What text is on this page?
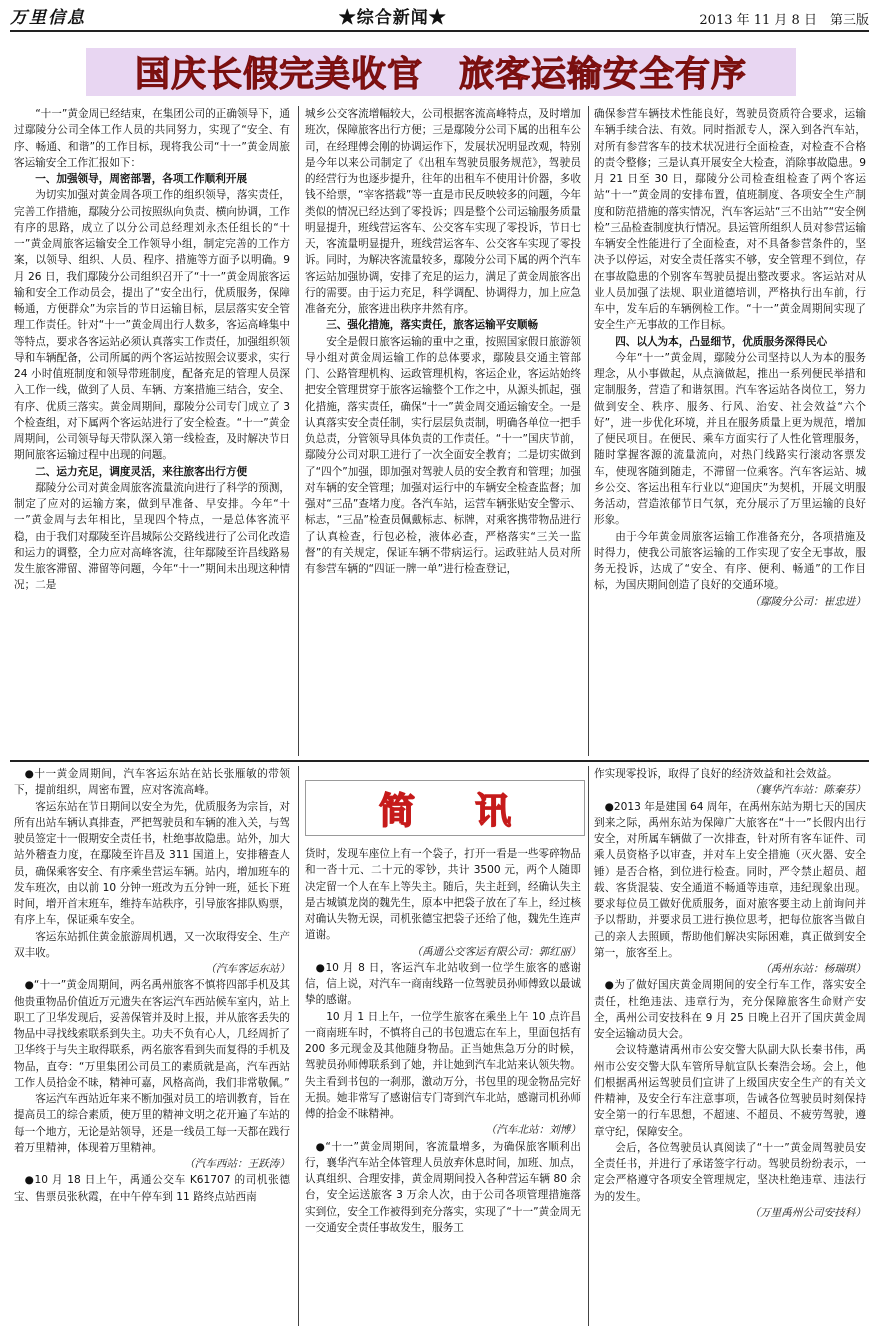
万里信息	★综合新闻★	2013 年 11 月 8 日　 第三版
国庆长假完美收官　旅客运输安全有序

“十一”黄金周已经结束，在集团公司的正确领导下，通过鄢陵分公司全体工作人员的共同努力，实现了“安全、有序、畅通、和谐”的工作目标，现将我公司“十一”黄金周旅客运输安全工作汇报如下：

一、加强领导，周密部署，各项工作顺利开展

为切实加强对黄金周各项工作的组织领导，落实责任，完善工作措施，鄢陵分公司按照纵向负责、横向协调，工作有序的思路，成立了以分公司总经理刘永杰任组长的“十一”黄金周旅客运输安全工作领导小组，制定完善的工作方案，以领导、组织、人员、程序、措施等方面予以明确。9 月 26 日，我们鄢陵分公司组织召开了“十一”黄金周旅客运输和安全工作动员会，提出了“安全出行，优质服务，保障畅通，方便群众”为宗旨的节日运输目标，层层落实安全管理工作责任。针对“十一”黄金周出行人数多，客运高峰集中等特点，要求各客运站必须认真落实工作责任，加强组织领导和车辆配备，公司所属的两个客运站按照会议要求，实行 24 小时值班制度和领导带班制度，配备充足的管理人员深入工作一线，做到了人员、车辆、方案措施三结合，安全、有序、优质三落实。黄金周期间，鄢陵分公司专门成立了 3 个检查组，对下属两个客运站进行了安全检查。“十一”黄金周期间，公司领导每天带队深入第一线检查，及时解决节日期间旅客运输过程中出现的问题。

二、运力充足，调度灵活，来往旅客出行方便

鄢陵分公司对黄金周旅客流量流向进行了科学的预测，制定了应对的运输方案，做到早准备、早安排。今年“十一”黄金周与去年相比，呈现四个特点，一是总体客流平稳，由于我们对鄢陵至许昌城际公交路线进行了公司化改造和运力的调整，全力应对高峰客流，往年鄢陵至许昌线路易发生旅客滞留、滞留等问题，今年“十一”期间未出现这种情况；二是

城乡公交客流增幅较大，公司根据客流高峰特点，及时增加班次，保障旅客出行方便；三是鄢陵分公司下属的出租车公司，在经理傅会刚的协调运作下，发展状况明显改观，特别是今年以来公司制定了《出租车驾驶员服务规范》，驾驶员的经营行为也逐步提升，往年的出租车不使用计价器，多收钱不给票，“宰客搭载”等一直是市民反映较多的问题，今年类似的情况已经达到了零投诉；四是整个公司运输服务质量明显提升，班线营运客车、公交客车实现了零投诉，节日七天，客流量明显提升，班线营运客车、公交客车实现了零投诉。同时，为解决客流量较多，鄢陵分公司下属的两个汽车客运站加强协调，安排了充足的运力，满足了黄金周旅客出行的需要。由于运力充足，科学调配、协调得力，加上应急准备充分，旅客进出秩序井然有序。

三、强化措施，落实责任，旅客运输平安顺畅

安全是假日旅客运输的重中之重，按照国家假日旅游领导小组对黄金周运输工作的总体要求，鄢陵县交通主管部门、公路管理机构、运政管理机构，客运企业，客运站始终把安全管理贯穿于旅客运输整个工作之中，从源头抓起，强化措施，落实责任，确保“十一”黄金周交通运输安全。一是认真落实安全责任制，实行层层负责制，明确各单位一把手负总责，分管领导具体负责的工作责任。“十一”国庆节前，鄢陵分公司对职工进行了一次全面安全教育；二是切实做到了“四个”加强，即加强对驾驶人员的安全教育和管理；加强对车辆的安全管理；加强对运行中的车辆安全检查监督；加强对“三品”查堵力度。各汽车站，运营车辆张贴安全警示、标志，“三品”检查员佩戴标志、标牌，对乘客携带物品进行了认真检查，行包必检，液体必查，严格落实“三关一监督”的有关规定，保证车辆不带病运行。运政驻站人员对所有参营车辆的“四证一牌一单”进行检查登记，

确保参营车辆技术性能良好，驾驶员资质符合要求，运输车辆手续合法、有效。同时指派专人，深入到各汽车站，对所有参营客车的技术状况进行全面检查，对检查不合格的责令整修；三是认真开展安全大检查，消除事故隐患。9 月 21 日至 30 日，鄢陵分公司检查组检查了两个客运站“十一”黄金周的安排布置，值班制度、各项安全生产制度和防范措施的落实情况，汽车客运站“三不出站”“安全例检”三品检查制度执行情况。县运管所组织人员对参营运输车辆安全性能进行了全面检查，对不具备参营条件的，坚决予以停运，对安全责任落实不够，安全管理不到位，存在事故隐患的个别客车驾驶员提出整改要求。客运站对从业人员加强了法规、职业道德培训，严格执行出车前，行车中，发车后的车辆例检工作。“十一”黄金周期间实现了安全生产无事故的工作目标。

四、以人为本，凸显细节，优质服务深得民心

今年“十一”黄金周，鄢陵分公司坚持以人为本的服务理念，从小事做起，从点滴做起，推出一系列便民举措和定制服务，营造了和谐氛围。汽车客运站各岗位工，努力做到安全、秩序、服务、行风、治安、社会效益“六个好”，进一步优化环境，并且在服务质量上更为规范，增加了便民项目。在便民、乘车方面实行了人性化管理服务，随时掌握客源的流量流向，对热门线路实行滚动客票发车，使现客随到随走，不滞留一位乘客。汽车客运站、城乡公交、客运出租车行业以“迎国庆”为契机，开展文明服务活动，营造浓郁节日气氛，充分展示了万里运输的良好形象。

由于今年黄金周旅客运输工作准备充分，各项措施及时得力，使我公司旅客运输的工作实现了安全无事故，服务无投诉，达成了“安全、有序、便利、畅通”的工作目标，为国庆期间创造了良好的交通环境。

（鄢陵分公司：崔忠进）

●十一黄金周期间，汽车客运东站在站长张雁敏的带领下，提前组织，周密布置，应对客流高峰。

客运东站在节日期间以安全为先，优质服务为宗旨，对所有出站车辆认真排查，严把驾驶员和车辆的准入关，与驾驶员签定十一假期安全责任书，杜绝事故隐患。站外，加大站外稽查力度，在鄢陵至许昌及 311 国道上，安排稽查人员，确保乘客安全、有序乘坐营运车辆。站内，增加班车的发车班次，由以前 10 分钟一班改为五分钟一班，延长下班时间，增开首末班车，维持车站秩序，引导旅客排队购票，有序上车，保证乘车安全。

客运东站抓住黄金旅游周机遇，又一次取得安全、生产双丰收。

（汽车客运东站）

●“十一”黄金周期间，两名禹州旅客不慎将四部手机及其他贵重物品价值近万元遗失在客运汽车西站候车室内，站上职工了卫华发现后，妥善保管并及时上报，并从旅客丢失的物品中寻找线索联系到失主。功夫不负有心人，几经周折了卫华终于与失主取得联系，两名旅客看到失而复得的手机及物品，直夸：“万里集团公司员工的素质就是高，汽车西站工作人员拾金不昧，精神可嘉，风格高尚，我们非常敬佩。”

客运汽车西站近年来不断加强对员工的培训教育，旨在提高员工的综合素质，使万里的精神文明之花开遍了车站的每一个地方，无论是站领导，还是一线员工每一天都在践行着万里精神，体现着万里精神。

（汽车西站：王跃涛）

●10 月 18 日上午，禹通公交车 K61707 的司机张德宝、售票员张秋霞，在中午停车到 11 路终点站西南

简 讯

货时，发现车座位上有一个袋子，打开一看是一些零碎物品和一沓十元、二十元的零钞，共计 3500 元，两个人随即决定留一个人在车上等失主。随后，失主赶到，经确认失主是古城镇龙岗的魏先生，原本中把袋子放在了车上，经过核对确认失物无误，司机张德宝把袋子还给了他，魏先生连声道谢。

（禹通公交客运有限公司：郭红丽）

●10 月 8 日，客运汽车北站收到一位学生旅客的感谢信，信上说，对汽车一商南线路一位驾驶员孙师傅致以最诚挚的感谢。

10 月 1 日上午，一位学生旅客在乘坐上午 10 点许昌一商南班车时，不慎将自己的书包遗忘在车上，里面包括有 200 多元现金及其他随身物品。正当她焦急万分的时候，驾驶员孙师傅联系到了她，并让她到汽车北站来认领失物。失主看到书包的一刹那，激动万分，书包里的现金物品完好无损。她非常写了感谢信专门寄到汽车北站，感谢司机孙师傅的拾金不昧精神。

（汽车北站：刘博）

●“十一”黄金周期间，客流量增多，为确保旅客顺利出行，襄华汽车站全体管理人员放弃休息时间，加班、加点，认真组织、合理安排，黄金周期间投入各种营运车辆 80 余台，安全运送旅客 3 万余人次，由于公司各项管理措施落实到位，安全工作被得到充分落实，实现了“十一”黄金周无一交通安全责任事故发生，服务工

作实现零投诉，取得了良好的经济效益和社会效益。

（襄华汽车站：陈秦芬）

●2013 年是建国 64 周年，在禹州东站为期七天的国庆到来之际，禹州东站为保障广大旅客在“十一”长假内出行安全，对所属车辆做了一次排查，针对所有客车证件、司乘人员资格予以审查，并对车上安全措施（灭火器、安全锤）是否合格，到位进行检查。同时，严令禁止超员、超载、客货混装、安全通道不畅通等违章，违纪现象出现。要求每位员工做好优质服务，面对旅客要主动上前询问并予以帮助，并要求员工进行换位思考，把每位旅客当做自己的亲人去照顾，帮助他们解决实际困难，真正做到安全第一，旅客至上。

（禹州东站：杨瑞琪）

●为了做好国庆黄金周期间的安全行车工作，落实安全责任，杜绝违法、违章行为，充分保障旅客生命财产安全，禹州公司安技科在 9 月 25 日晚上召开了国庆黄金周安全运输动员大会。

会议特邀请禹州市公安交警大队副大队长秦书伟，禹州市公安交警大队车管所导航宣队长秦浩会场。会上，他们根据禹州运驾驶员们宣讲了上级国庆安全生产的有关文件精神，及安全行车注意事项，告诫各位驾驶员时刻保持安全第一的行车思想，不超速、不超员、不疲劳驾驶，遵章守纪，保障安全。

会后，各位驾驶员认真阅读了“十一”黄金周驾驶员安全责任书，并进行了承诺签字行动。驾驶员纷纷表示，一定会严格遵守各项安全管理规定，坚决杜绝违章、违法行为的发生。

（万里禹州公司安技科）
